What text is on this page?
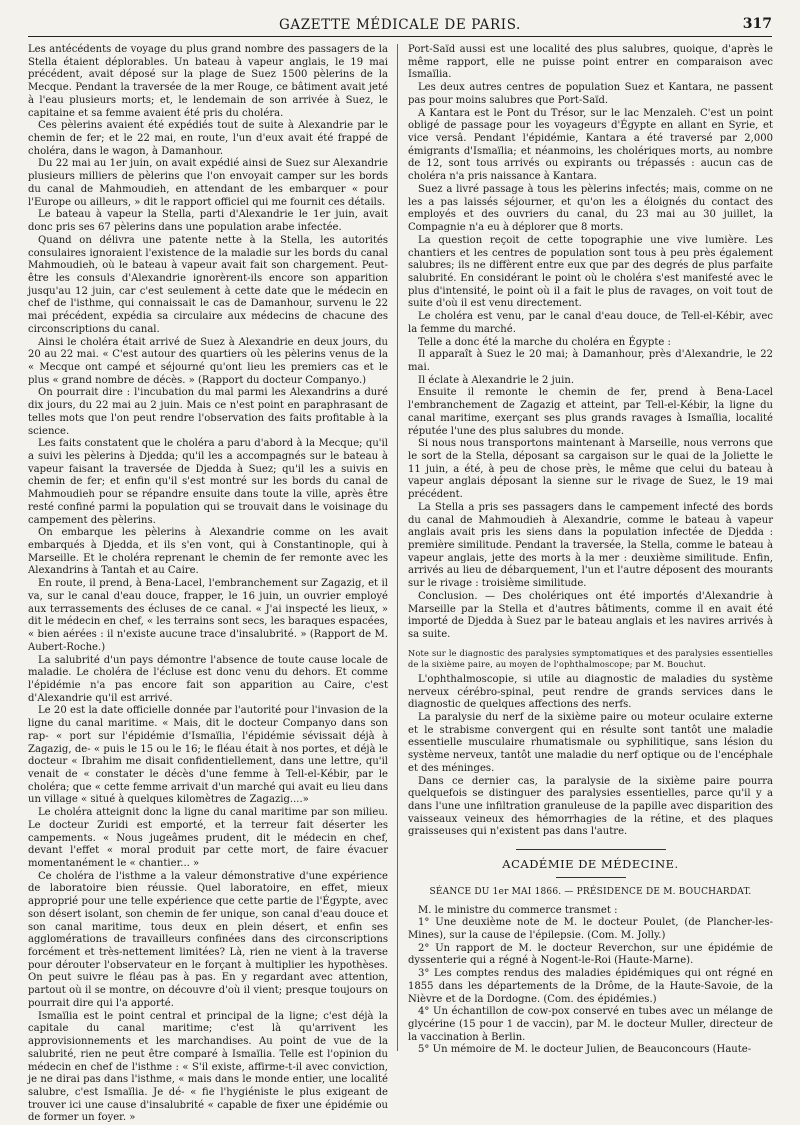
GAZETTE MÉDICALE DE PARIS.	317

Les antécédents de voyage du plus grand nombre des passagers de la Stella étaient déplorables. Un bateau à vapeur anglais, le 19 mai précédent, avait déposé sur la plage de Suez 1500 pèlerins de la Mecque. Pendant la traversée de la mer Rouge, ce bâtiment avait jeté à l'eau plusieurs morts; et, le lendemain de son arrivée à Suez, le capitaine et sa femme avaient été pris du choléra.

Ces pèlerins avaient été expédiés tout de suite à Alexandrie par le chemin de fer; et le 22 mai, en route, l'un d'eux avait été frappé de choléra, dans le wagon, à Damanhour.

Du 22 mai au 1er juin, on avait expédié ainsi de Suez sur Alexandrie plusieurs milliers de pèlerins que l'on envoyait camper sur les bords du canal de Mahmoudieh, en attendant de les embarquer « pour l'Europe ou ailleurs, » dit le rapport officiel qui me fournit ces détails.

Le bateau à vapeur la Stella, parti d'Alexandrie le 1er juin, avait donc pris ses 67 pèlerins dans une population arabe infectée.

Quand on délivra une patente nette à la Stella, les autorités consulaires ignoraient l'existence de la maladie sur les bords du canal Mahmoudieh, où le bateau à vapeur avait fait son chargement. Peut-être les consuls d'Alexandrie ignorèrent-ils encore son apparition jusqu'au 12 juin, car c'est seulement à cette date que le médecin en chef de l'isthme, qui connaissait le cas de Damanhour, survenu le 22 mai précédent, expédia sa circulaire aux médecins de chacune des circonscriptions du canal.

Ainsi le choléra était arrivé de Suez à Alexandrie en deux jours, du 20 au 22 mai. « C'est autour des quartiers où les pèlerins venus de la « Mecque ont campé et séjourné qu'ont lieu les premiers cas et le plus « grand nombre de décès. » (Rapport du docteur Companyo.)

On pourrait dire : l'incubation du mal parmi les Alexandrins a duré dix jours, du 22 mai au 2 juin. Mais ce n'est point en paraphrasant de telles mots que l'on peut rendre l'observation des faits profitable à la science.

Les faits constatent que le choléra a paru d'abord à la Mecque; qu'il a suivi les pèlerins à Djedda; qu'il les a accompagnés sur le bateau à vapeur faisant la traversée de Djedda à Suez; qu'il les a suivis en chemin de fer; et enfin qu'il s'est montré sur les bords du canal de Mahmoudieh pour se répandre ensuite dans toute la ville, après être resté confiné parmi la population qui se trouvait dans le voisinage du campement des pèlerins.

On embarque les pèlerins à Alexandrie comme on les avait embarqués à Djedda, et ils s'en vont, qui à Constantinople, qui à Marseille. Et le choléra reprenant le chemin de fer remonte avec les Alexandrins à Tantah et au Caire.

En route, il prend, à Bena-Lacel, l'embranchement sur Zagazig, et il va, sur le canal d'eau douce, frapper, le 16 juin, un ouvrier employé aux terrassements des écluses de ce canal. « J'ai inspecté les lieux, » dit le médecin en chef, « les terrains sont secs, les baraques espacées, « bien aérées : il n'existe aucune trace d'insalubrité. » (Rapport de M. Aubert-Roche.)

La salubrité d'un pays démontre l'absence de toute cause locale de maladie. Le choléra de l'écluse est donc venu du dehors. Et comme l'épidémie n'a pas encore fait son apparition au Caire, c'est d'Alexandrie qu'il est arrivé.

Le 20 est la date officielle donnée par l'autorité pour l'invasion de la ligne du canal maritime. « Mais, dit le docteur Companyo dans son rap- « port sur l'épidémie d'Ismaïlia, l'épidémie sévissait déjà à Zagazig, de- « puis le 15 ou le 16; le fléau était à nos portes, et déjà le docteur « Ibrahim me disait confidentiellement, dans une lettre, qu'il venait de « constater le décès d'une femme à Tell-el-Kébir, par le choléra; que « cette femme arrivait d'un marché qui avait eu lieu dans un village « situé à quelques kilomètres de Zagazig....»

Le choléra atteignit donc la ligne du canal maritime par son milieu. Le docteur Zuridi est emporté, et la terreur fait déserter les campements. « Nous jugeâmes prudent, dit le médecin en chef, devant l'effet « moral produit par cette mort, de faire évacuer momentanément le « chantier... »

Ce choléra de l'isthme a la valeur démonstrative d'une expérience de laboratoire bien réussie. Quel laboratoire, en effet, mieux approprié pour une telle expérience que cette partie de l'Égypte, avec son désert isolant, son chemin de fer unique, son canal d'eau douce et son canal maritime, tous deux en plein désert, et enfin ses agglomérations de travailleurs confinées dans des circonscriptions forcément et très-nettement limitées? Là, rien ne vient à la traverse pour dérouter l'observateur en le forçant à multiplier les hypothèses. On peut suivre le fléau pas à pas. En y regardant avec attention, partout où il se montre, on découvre d'où il vient; presque toujours on pourrait dire qui l'a apporté.

Ismaïlia est le point central et principal de la ligne; c'est déjà la capitale du canal maritime; c'est là qu'arrivent les approvisionnements et les marchandises. Au point de vue de la salubrité, rien ne peut être comparé à Ismaïlia. Telle est l'opinion du médecin en chef de l'isthme : « S'il existe, affirme-t-il avec conviction, je ne dirai pas dans l'isthme, « mais dans le monde entier, une localité salubre, c'est Ismaïlia. Je dé- « fie l'hygiéniste le plus exigeant de trouver ici une cause d'insalubrité « capable de fixer une épidémie ou de former un foyer. »

Port-Saïd aussi est une localité des plus salubres, quoique, d'après le même rapport, elle ne puisse point entrer en comparaison avec Ismaïlia.

Les deux autres centres de population Suez et Kantara, ne passent pas pour moins salubres que Port-Saïd.

A Kantara est le Pont du Trésor, sur le lac Menzaleh. C'est un point obligé de passage pour les voyageurs d'Égypte en allant en Syrie, et vice versâ. Pendant l'épidémie, Kantara a été traversé par 2,000 émigrants d'Ismaïlia; et néanmoins, les cholériques morts, au nombre de 12, sont tous arrivés ou expirants ou trépassés : aucun cas de choléra n'a pris naissance à Kantara.

Suez a livré passage à tous les pèlerins infectés; mais, comme on ne les a pas laissés séjourner, et qu'on les a éloignés du contact des employés et des ouvriers du canal, du 23 mai au 30 juillet, la Compagnie n'a eu à déplorer que 8 morts.

La question reçoit de cette topographie une vive lumière. Les chantiers et les centres de population sont tous à peu près également salubres; ils ne diffèrent entre eux que par des degrés de plus parfaite salubrité. En considérant le point où le choléra s'est manifesté avec le plus d'intensité, le point où il a fait le plus de ravages, on voit tout de suite d'où il est venu directement.

Le choléra est venu, par le canal d'eau douce, de Tell-el-Kébir, avec la femme du marché.

Telle a donc été la marche du choléra en Égypte :

Il apparaît à Suez le 20 mai; à Damanhour, près d'Alexandrie, le 22 mai.

Il éclate à Alexandrie le 2 juin.

Ensuite il remonte le chemin de fer, prend à Bena-Lacel l'embranchement de Zagazig et atteint, par Tell-el-Kébir, la ligne du canal maritime, exerçant ses plus grands ravages à Ismaïlia, localité réputée l'une des plus salubres du monde.

Si nous nous transportons maintenant à Marseille, nous verrons que le sort de la Stella, déposant sa cargaison sur le quai de la Joliette le 11 juin, a été, à peu de chose près, le même que celui du bateau à vapeur anglais déposant la sienne sur le rivage de Suez, le 19 mai précédent.

La Stella a pris ses passagers dans le campement infecté des bords du canal de Mahmoudieh à Alexandrie, comme le bateau à vapeur anglais avait pris les siens dans la population infectée de Djedda : première similitude. Pendant la traversée, la Stella, comme le bateau à vapeur anglais, jette des morts à la mer : deuxième similitude. Enfin, arrivés au lieu de débarquement, l'un et l'autre déposent des mourants sur le rivage : troisième similitude.

Conclusion. — Des cholériques ont été importés d'Alexandrie à Marseille par la Stella et d'autres bâtiments, comme il en avait été importé de Djedda à Suez par le bateau anglais et les navires arrivés à sa suite.

Note sur le diagnostic des paralysies symptomatiques et des paralysies essentielles de la sixième paire, au moyen de l'ophthalmoscope; par M. Bouchut.

L'ophthalmoscopie, si utile au diagnostic de maladies du système nerveux cérébro-spinal, peut rendre de grands services dans le diagnostic de quelques affections des nerfs.

La paralysie du nerf de la sixième paire ou moteur oculaire externe et le strabisme convergent qui en résulte sont tantôt une maladie essentielle musculaire rhumatismale ou syphilitique, sans lésion du système nerveux, tantôt une maladie du nerf optique ou de l'encéphale et des méninges.

Dans ce dernier cas, la paralysie de la sixième paire pourra quelquefois se distinguer des paralysies essentielles, parce qu'il y a dans l'une une infiltration granuleuse de la papille avec disparition des vaisseaux veineux des hémorrhagies de la rétine, et des plaques graisseuses qui n'existent pas dans l'autre.

ACADÉMIE DE MÉDECINE.
SÉANCE DU 1er MAI 1866. — PRÉSIDENCE DE M. BOUCHARDAT.

M. le ministre du commerce transmet :

1° Une deuxième note de M. le docteur Poulet, (de Plancher-les-Mines), sur la cause de l'épilepsie. (Com. M. Jolly.)

2° Un rapport de M. le docteur Reverchon, sur une épidémie de dyssenterie qui a régné à Nogent-le-Roi (Haute-Marne).

3° Les comptes rendus des maladies épidémiques qui ont régné en 1855 dans les départements de la Drôme, de la Haute-Savoie, de la Nièvre et de la Dordogne. (Com. des épidémies.)

4° Un échantillon de cow-pox conservé en tubes avec un mélange de glycérine (15 pour 1 de vaccin), par M. le docteur Muller, directeur de la vaccination à Berlin.

5° Un mémoire de M. le docteur Julien, de Beauconcours (Haute-
